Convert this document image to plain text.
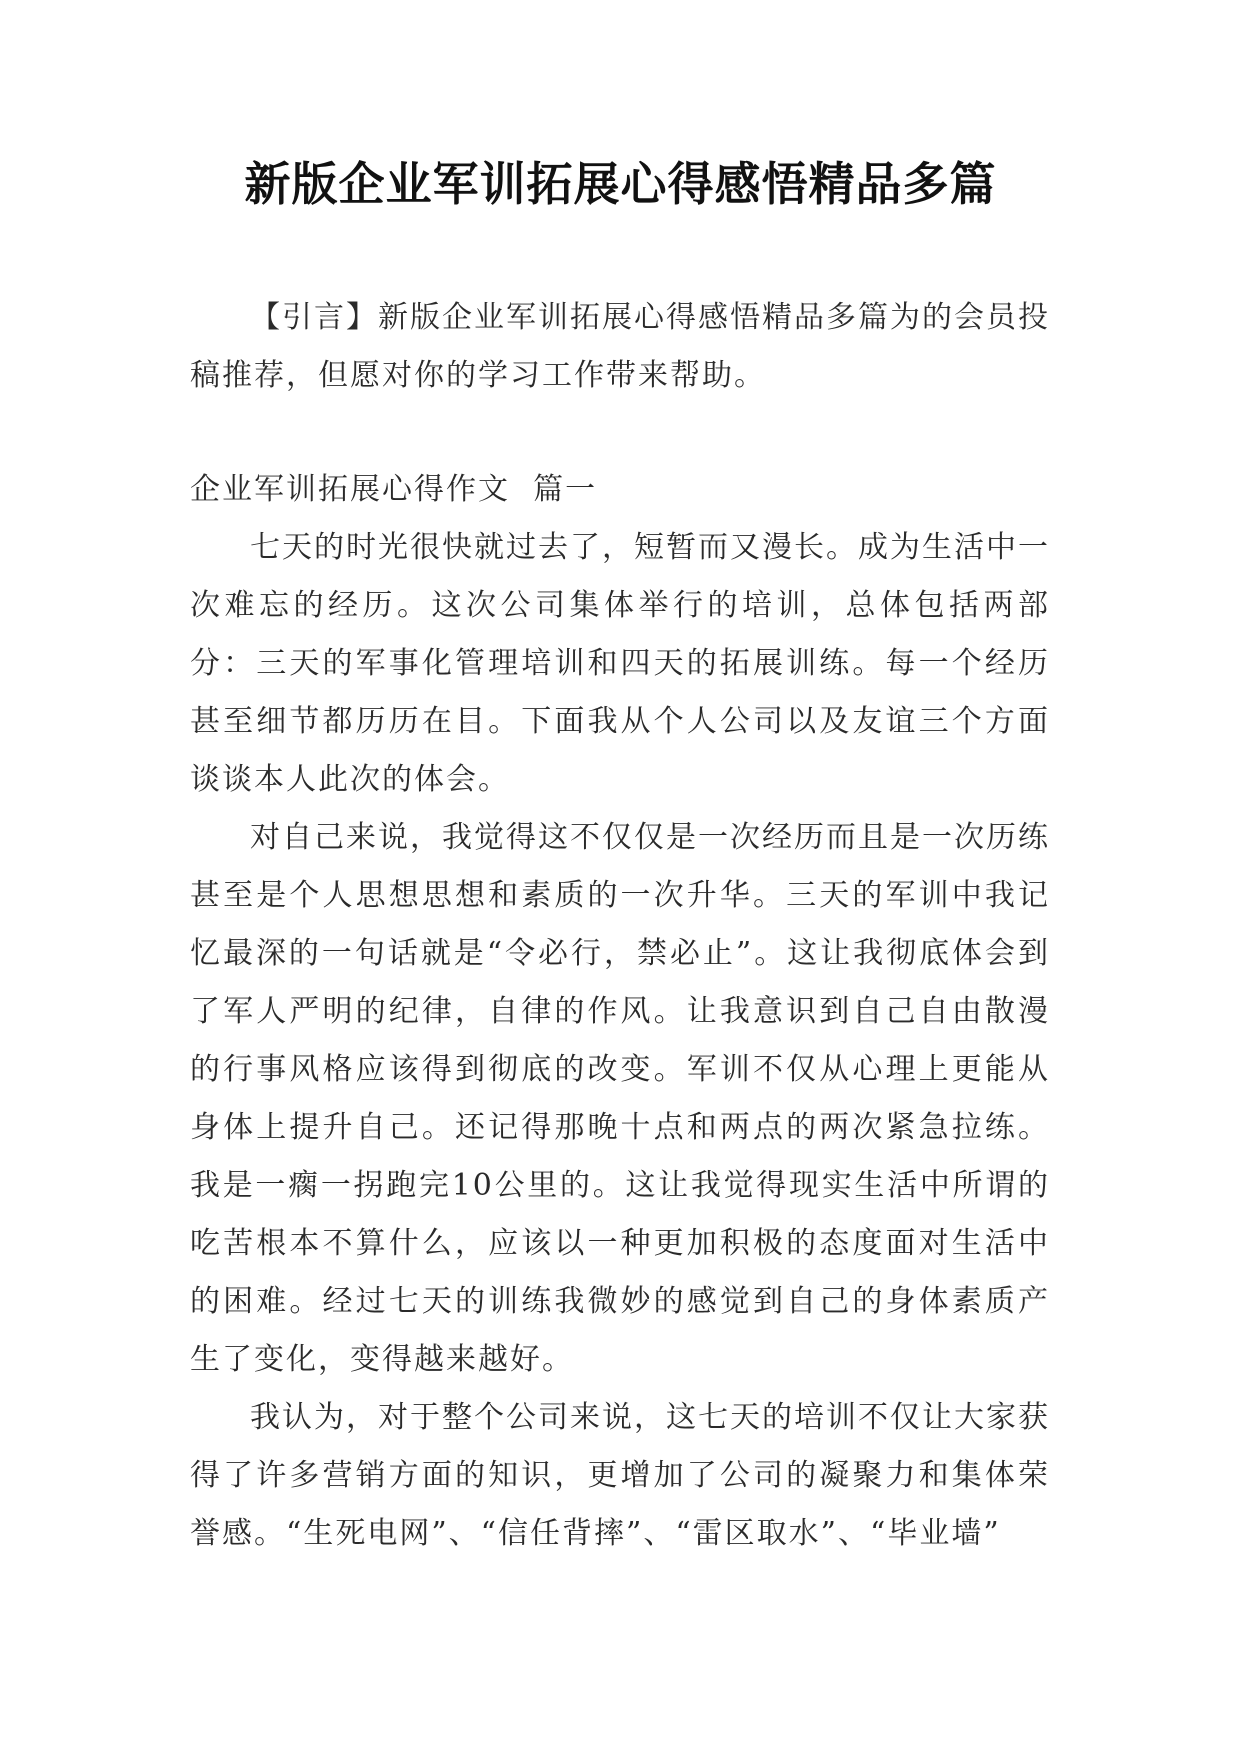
新版企业军训拓展心得感悟精品多篇

【引言】新版企业军训拓展心得感悟精品多篇为的会员投稿推荐，但愿对你的学习工作带来帮助。

企业军训拓展心得作文  篇一

七天的时光很快就过去了，短暂而又漫长。成为生活中一次难忘的经历。这次公司集体举行的培训，总体包括两部分：三天的军事化管理培训和四天的拓展训练。每一个经历甚至细节都历历在目。下面我从个人公司以及友谊三个方面谈谈本人此次的体会。

对自己来说，我觉得这不仅仅是一次经历而且是一次历练甚至是个人思想思想和素质的一次升华。三天的军训中我记忆最深的一句话就是“令必行，禁必止”。这让我彻底体会到了军人严明的纪律，自律的作风。让我意识到自己自由散漫的行事风格应该得到彻底的改变。军训不仅从心理上更能从身体上提升自己。还记得那晚十点和两点的两次紧急拉练。我是一瘸一拐跑完10公里的。这让我觉得现实生活中所谓的吃苦根本不算什么，应该以一种更加积极的态度面对生活中的困难。经过七天的训练我微妙的感觉到自己的身体素质产生了变化，变得越来越好。

我认为，对于整个公司来说，这七天的培训不仅让大家获得了许多营销方面的知识，更增加了公司的凝聚力和集体荣誉感。“生死电网”、“信任背摔”、“雷区取水”、“毕业墙”
